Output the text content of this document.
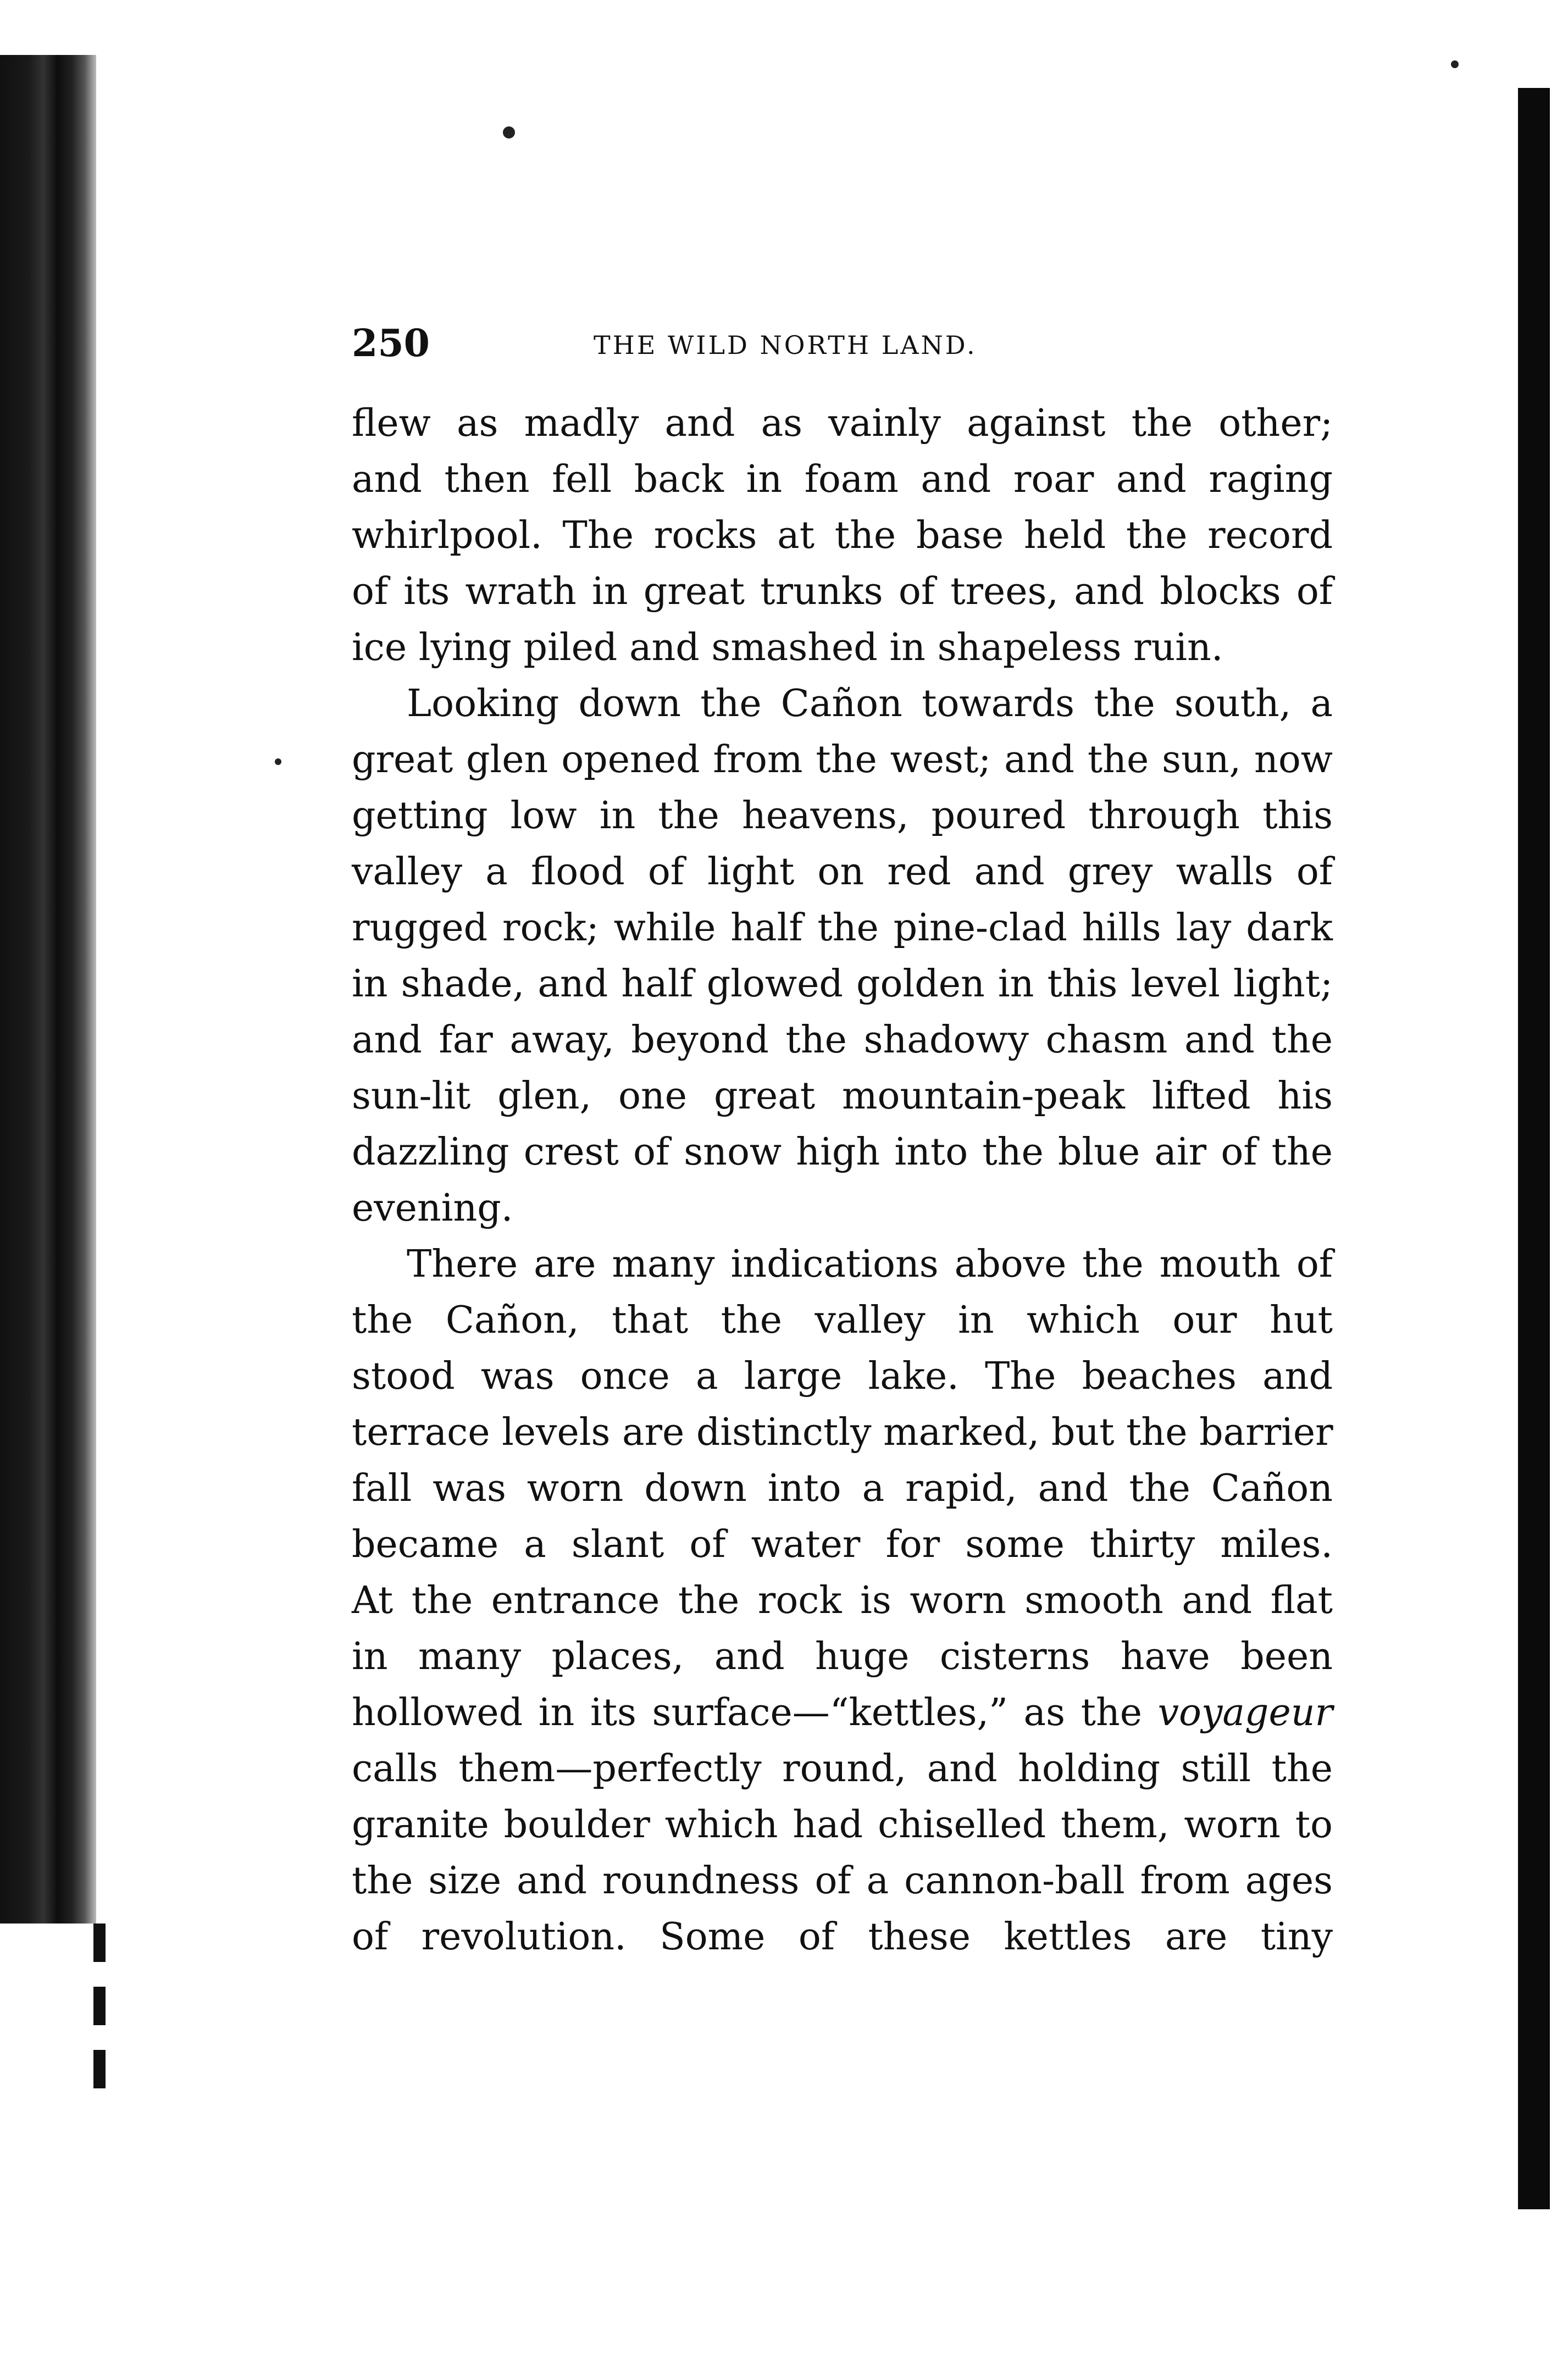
250	THE WILD NORTH LAND.

flew as madly and as vainly against the other;
and then fell back in foam and roar and raging
whirlpool. The rocks at the base held the record
of its wrath in great trunks of trees, and blocks of
ice lying piled and smashed in shapeless ruin.

Looking down the Cañon towards the south, a
great glen opened from the west; and the sun, now
getting low in the heavens, poured through this
valley a flood of light on red and grey walls of
rugged rock; while half the pine-clad hills lay dark
in shade, and half glowed golden in this level light;
and far away, beyond the shadowy chasm and the
sun-lit glen, one great mountain-peak lifted his
dazzling crest of snow high into the blue air of the
evening.

There are many indications above the mouth of
the Cañon, that the valley in which our hut
stood was once a large lake. The beaches and
terrace levels are distinctly marked, but the barrier
fall was worn down into a rapid, and the Cañon
became a slant of water for some thirty miles.
At the entrance the rock is worn smooth and flat
in many places, and huge cisterns have been
hollowed in its surface—“kettles,” as the voyageur
calls them—perfectly round, and holding still the
granite boulder which had chiselled them, worn to
the size and roundness of a cannon-ball from ages
of revolution. Some of these kettles are tiny
